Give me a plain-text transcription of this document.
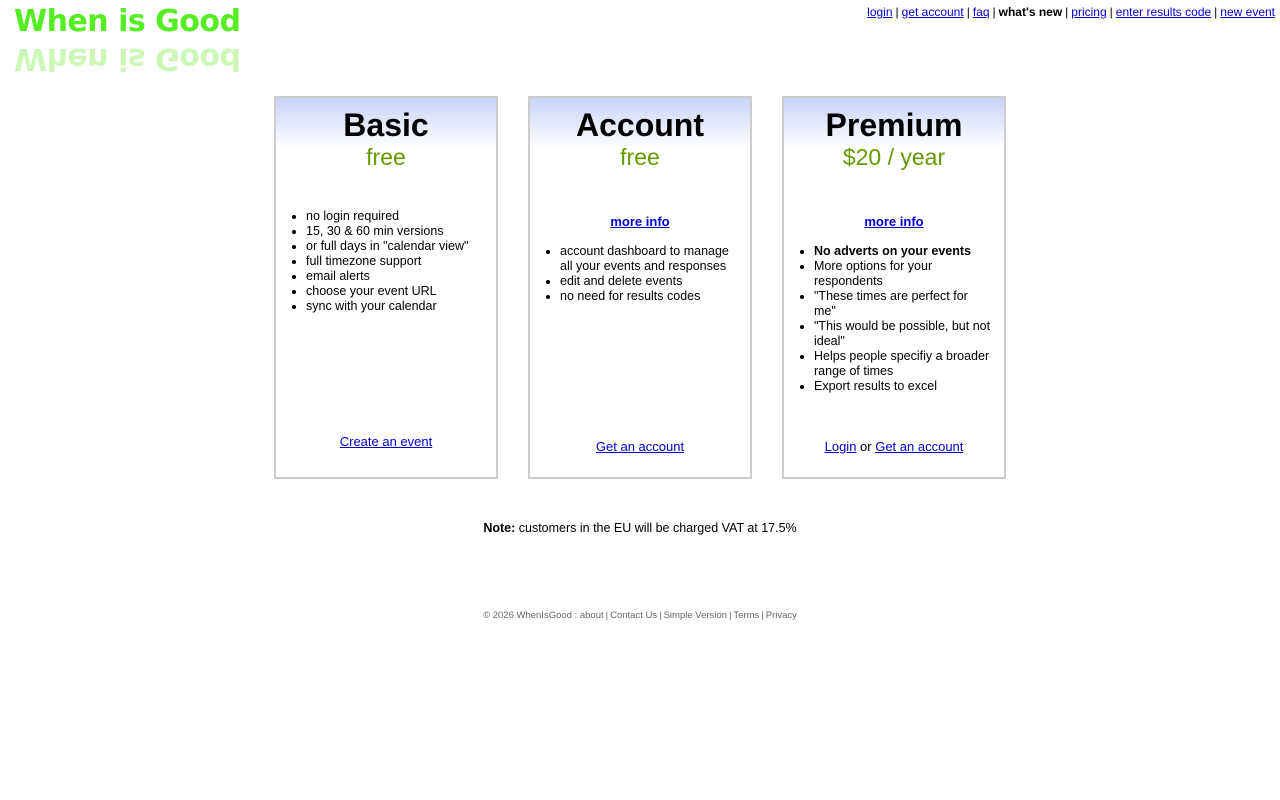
When is Good
When is Good
login | get account | faq | what's new | pricing | enter results code | new event
Basic
free
• no login required
• 15, 30 & 60 min versions
• or full days in "calendar view"
• full timezone support
• email alerts
• choose your event URL
• sync with your calendar
Create an event
Account
free
more info
• account dashboard to manage all your events and responses
• edit and delete events
• no need for results codes
Get an account
Premium
$20 / year
more info
• No adverts on your events
• More options for your respondents
• "These times are perfect for me"
• "This would be possible, but not ideal"
• Helps people specifiy a broader range of times
• Export results to excel
Login or Get an account
Note: customers in the EU will be charged VAT at 17.5%
© 2026 WhenIsGood : about | Contact Us | Simple Version | Terms | Privacy
